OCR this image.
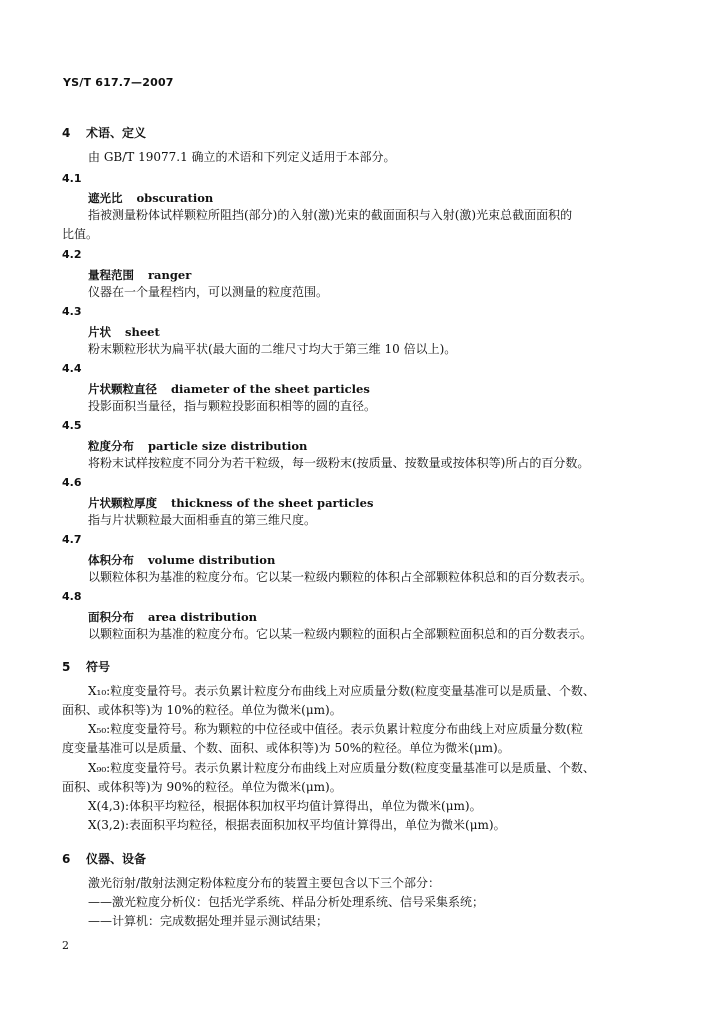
YS/T 617.7—2007
4 术语、定义
由 GB/T 19077.1 确立的术语和下列定义适用于本部分。
4.1
遮光比 obscuration
指被测量粉体试样颗粒所阻挡(部分)的入射(激)光束的截面面积与入射(激)光束总截面面积的
比值。
4.2
量程范围 ranger
仪器在一个量程档内，可以测量的粒度范围。
4.3
片状 sheet
粉末颗粒形状为扁平状(最大面的二维尺寸均大于第三维 10 倍以上)。
4.4
片状颗粒直径 diameter of the sheet particles
投影面积当量径，指与颗粒投影面积相等的圆的直径。
4.5
粒度分布 particle size distribution
将粉末试样按粒度不同分为若干粒级，每一级粉末(按质量、按数量或按体积等)所占的百分数。
4.6
片状颗粒厚度 thickness of the sheet particles
指与片状颗粒最大面相垂直的第三维尺度。
4.7
体积分布 volume distribution
以颗粒体积为基准的粒度分布。它以某一粒级内颗粒的体积占全部颗粒体积总和的百分数表示。
4.8
面积分布 area distribution
以颗粒面积为基准的粒度分布。它以某一粒级内颗粒的面积占全部颗粒面积总和的百分数表示。
5 符号
X₁₀:粒度变量符号。表示负累计粒度分布曲线上对应质量分数(粒度变量基准可以是质量、个数、
面积、或体积等)为 10%的粒径。单位为微米(μm)。
X₅₀:粒度变量符号。称为颗粒的中位径或中值径。表示负累计粒度分布曲线上对应质量分数(粒
度变量基准可以是质量、个数、面积、或体积等)为 50%的粒径。单位为微米(μm)。
X₉₀:粒度变量符号。表示负累计粒度分布曲线上对应质量分数(粒度变量基准可以是质量、个数、
面积、或体积等)为 90%的粒径。单位为微米(μm)。
X(4,3):体积平均粒径，根据体积加权平均值计算得出，单位为微米(μm)。
X(3,2):表面积平均粒径，根据表面积加权平均值计算得出，单位为微米(μm)。
6 仪器、设备
激光衍射/散射法测定粉体粒度分布的装置主要包含以下三个部分：
——激光粒度分析仪：包括光学系统、样品分析处理系统、信号采集系统；
——计算机：完成数据处理并显示测试结果；
2
